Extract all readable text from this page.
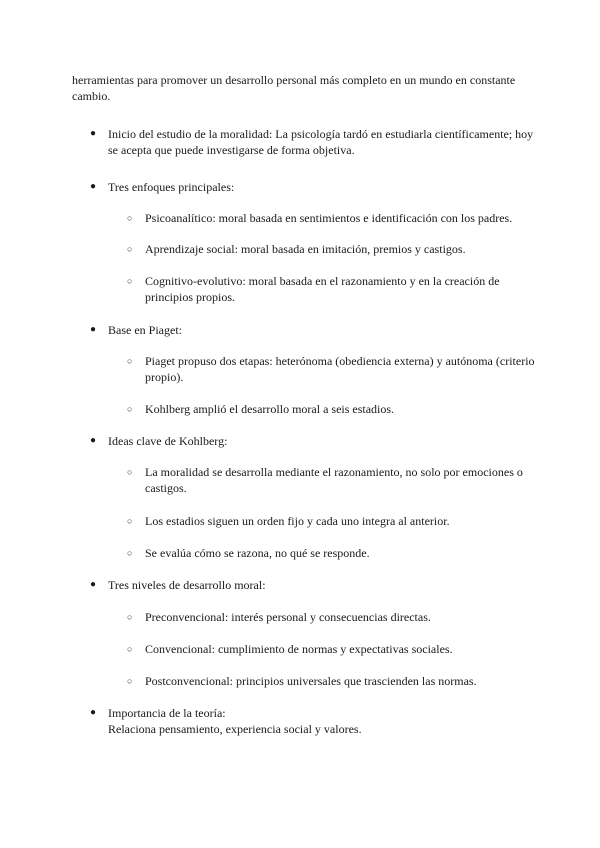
herramientas para promover un desarrollo personal más completo en un mundo en constante cambio.

● Inicio del estudio de la moralidad: La psicología tardó en estudiarla científicamente; hoy se acepta que puede investigarse de forma objetiva.

● Tres enfoques principales:

○ Psicoanalítico: moral basada en sentimientos e identificación con los padres.

○ Aprendizaje social: moral basada en imitación, premios y castigos.

○ Cognitivo-evolutivo: moral basada en el razonamiento y en la creación de principios propios.

● Base en Piaget:

○ Piaget propuso dos etapas: heterónoma (obediencia externa) y autónoma (criterio propio).

○ Kohlberg amplió el desarrollo moral a seis estadios.

● Ideas clave de Kohlberg:

○ La moralidad se desarrolla mediante el razonamiento, no solo por emociones o castigos.

○ Los estadios siguen un orden fijo y cada uno integra al anterior.

○ Se evalúa cómo se razona, no qué se responde.

● Tres niveles de desarrollo moral:

○ Preconvencional: interés personal y consecuencias directas.

○ Convencional: cumplimiento de normas y expectativas sociales.

○ Postconvencional: principios universales que trascienden las normas.

● Importancia de la teoría:
Relaciona pensamiento, experiencia social y valores.
